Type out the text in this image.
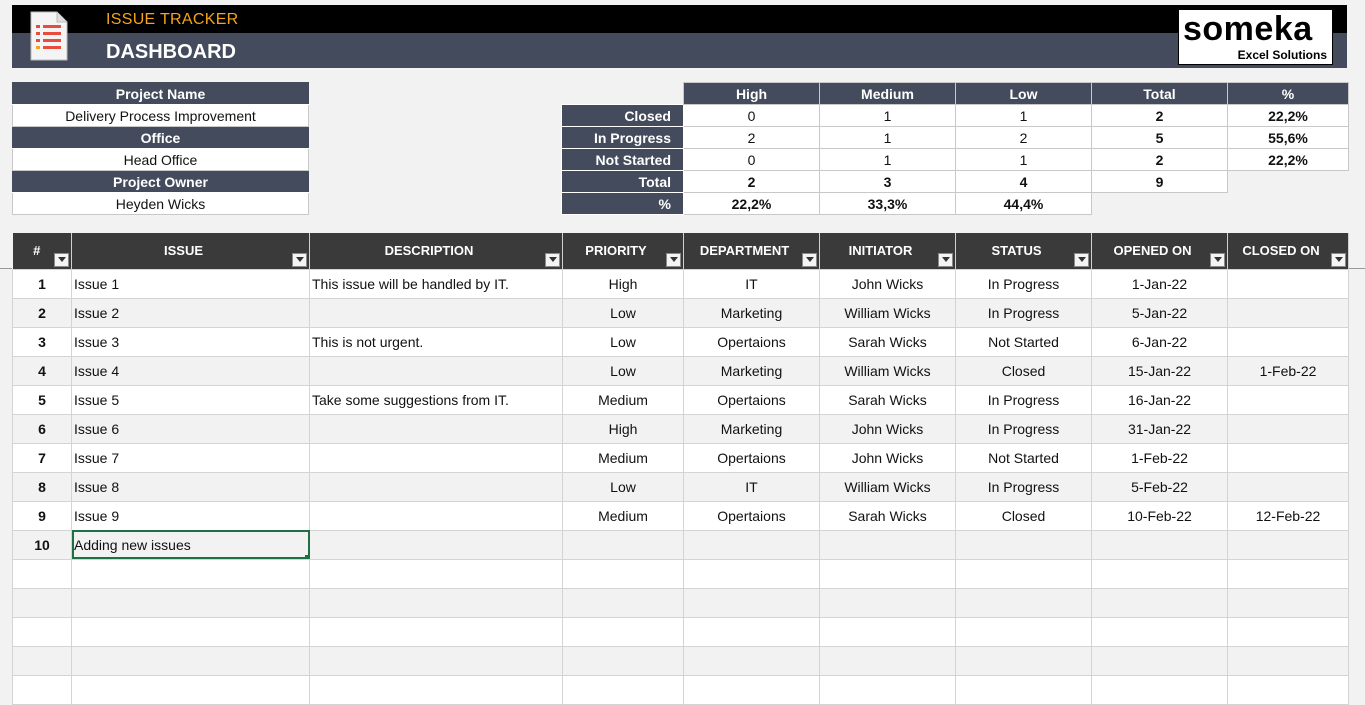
ISSUE TRACKER
DASHBOARD
someka
Excel Solutions
Project Name
Delivery Process Improvement
Office
Head Office
Project Owner
Heyden Wicks
	High	Medium	Low	Total	%
Closed	0	1	1	2	22,2%
In Progress	2	1	2	5	55,6%
Not Started	0	1	1	2	22,2%
Total	2	3	4	9	
%	22,2%	33,3%	44,4%		
#	ISSUE	DESCRIPTION	PRIORITY	DEPARTMENT	INITIATOR	STATUS	OPENED ON	CLOSED ON

1	Issue 1	This issue will be handled by IT.	High	IT	John Wicks	In Progress	1-Jan-22	
2	Issue 2		Low	Marketing	William Wicks	In Progress	5-Jan-22	
3	Issue 3	This is not urgent.	Low	Opertaions	Sarah Wicks	Not Started	6-Jan-22	
4	Issue 4		Low	Marketing	William Wicks	Closed	15-Jan-22	1-Feb-22
5	Issue 5	Take some suggestions from IT.	Medium	Opertaions	Sarah Wicks	In Progress	16-Jan-22	
6	Issue 6		High	Marketing	John Wicks	In Progress	31-Jan-22	
7	Issue 7		Medium	Opertaions	John Wicks	Not Started	1-Feb-22	
8	Issue 8		Low	IT	William Wicks	In Progress	5-Feb-22	
9	Issue 9		Medium	Opertaions	Sarah Wicks	Closed	10-Feb-22	12-Feb-22
10	Adding new issues
